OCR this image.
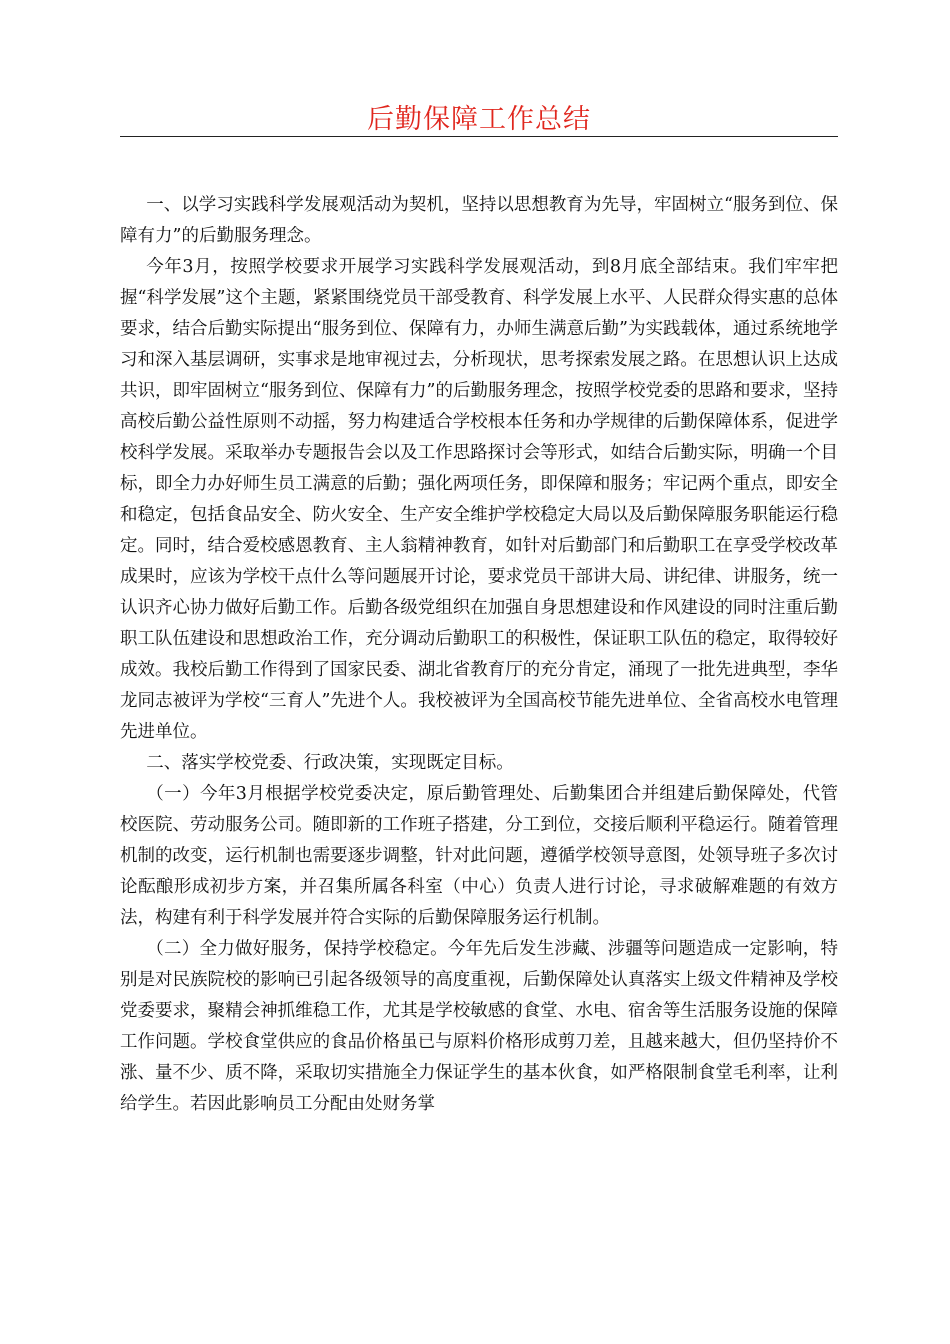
后勤保障工作总结

一、以学习实践科学发展观活动为契机，坚持以思想教育为先导，牢固树立“服务到位、保障有力”的后勤服务理念。

今年3月，按照学校要求开展学习实践科学发展观活动，到8月底全部结束。我们牢牢把握“科学发展”这个主题，紧紧围绕党员干部受教育、科学发展上水平、人民群众得实惠的总体要求，结合后勤实际提出“服务到位、保障有力，办师生满意后勤”为实践载体，通过系统地学习和深入基层调研，实事求是地审视过去，分析现状，思考探索发展之路。在思想认识上达成共识，即牢固树立“服务到位、保障有力”的后勤服务理念，按照学校党委的思路和要求，坚持高校后勤公益性原则不动摇，努力构建适合学校根本任务和办学规律的后勤保障体系，促进学校科学发展。采取举办专题报告会以及工作思路探讨会等形式，如结合后勤实际，明确一个目标，即全力办好师生员工满意的后勤；强化两项任务，即保障和服务；牢记两个重点，即安全和稳定，包括食品安全、防火安全、生产安全维护学校稳定大局以及后勤保障服务职能运行稳定。同时，结合爱校感恩教育、主人翁精神教育，如针对后勤部门和后勤职工在享受学校改革成果时，应该为学校干点什么等问题展开讨论，要求党员干部讲大局、讲纪律、讲服务，统一认识齐心协力做好后勤工作。后勤各级党组织在加强自身思想建设和作风建设的同时注重后勤职工队伍建设和思想政治工作，充分调动后勤职工的积极性，保证职工队伍的稳定，取得较好成效。我校后勤工作得到了国家民委、湖北省教育厅的充分肯定，涌现了一批先进典型，李华龙同志被评为学校“三育人”先进个人。我校被评为全国高校节能先进单位、全省高校水电管理先进单位。

二、落实学校党委、行政决策，实现既定目标。

（一）今年3月根据学校党委决定，原后勤管理处、后勤集团合并组建后勤保障处，代管校医院、劳动服务公司。随即新的工作班子搭建，分工到位，交接后顺利平稳运行。随着管理机制的改变，运行机制也需要逐步调整，针对此问题，遵循学校领导意图，处领导班子多次讨论酝酿形成初步方案，并召集所属各科室（中心）负责人进行讨论，寻求破解难题的有效方法，构建有利于科学发展并符合实际的后勤保障服务运行机制。

（二）全力做好服务，保持学校稳定。今年先后发生涉藏、涉疆等问题造成一定影响，特别是对民族院校的影响已引起各级领导的高度重视，后勤保障处认真落实上级文件精神及学校党委要求，聚精会神抓维稳工作，尤其是学校敏感的食堂、水电、宿舍等生活服务设施的保障工作问题。学校食堂供应的食品价格虽已与原料价格形成剪刀差，且越来越大，但仍坚持价不涨、量不少、质不降，采取切实措施全力保证学生的基本伙食，如严格限制食堂毛利率，让利给学生。若因此影响员工分配由处财务掌
